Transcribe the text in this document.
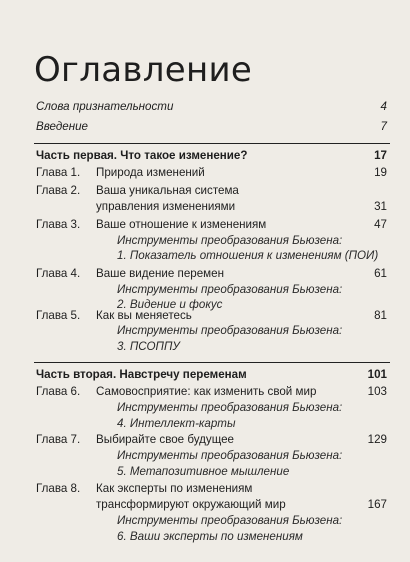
Оглавление
Слова признательности	4
Введение	7
Часть первая. Что такое изменение?	17
Глава 1. Природа изменений	19
Глава 2. Ваша уникальная система
управления изменениями	31
Глава 3. Ваше отношение к изменениям	47
Инструменты преобразования Бьюзена:
1. Показатель отношения к изменениям (ПОИ)
Глава 4. Ваше видение перемен	61
Инструменты преобразования Бьюзена:
2. Видение и фокус
Глава 5. Как вы меняетесь	81
Инструменты преобразования Бьюзена:
3. ПСОППУ
Часть вторая. Навстречу переменам	101
Глава 6. Самовосприятие: как изменить свой мир	103
Инструменты преобразования Бьюзена:
4. Интеллект-карты
Глава 7. Выбирайте свое будущее	129
Инструменты преобразования Бьюзена:
5. Метапозитивное мышление
Глава 8. Как эксперты по изменениям
трансформируют окружающий мир	167
Инструменты преобразования Бьюзена:
6. Ваши эксперты по изменениям
